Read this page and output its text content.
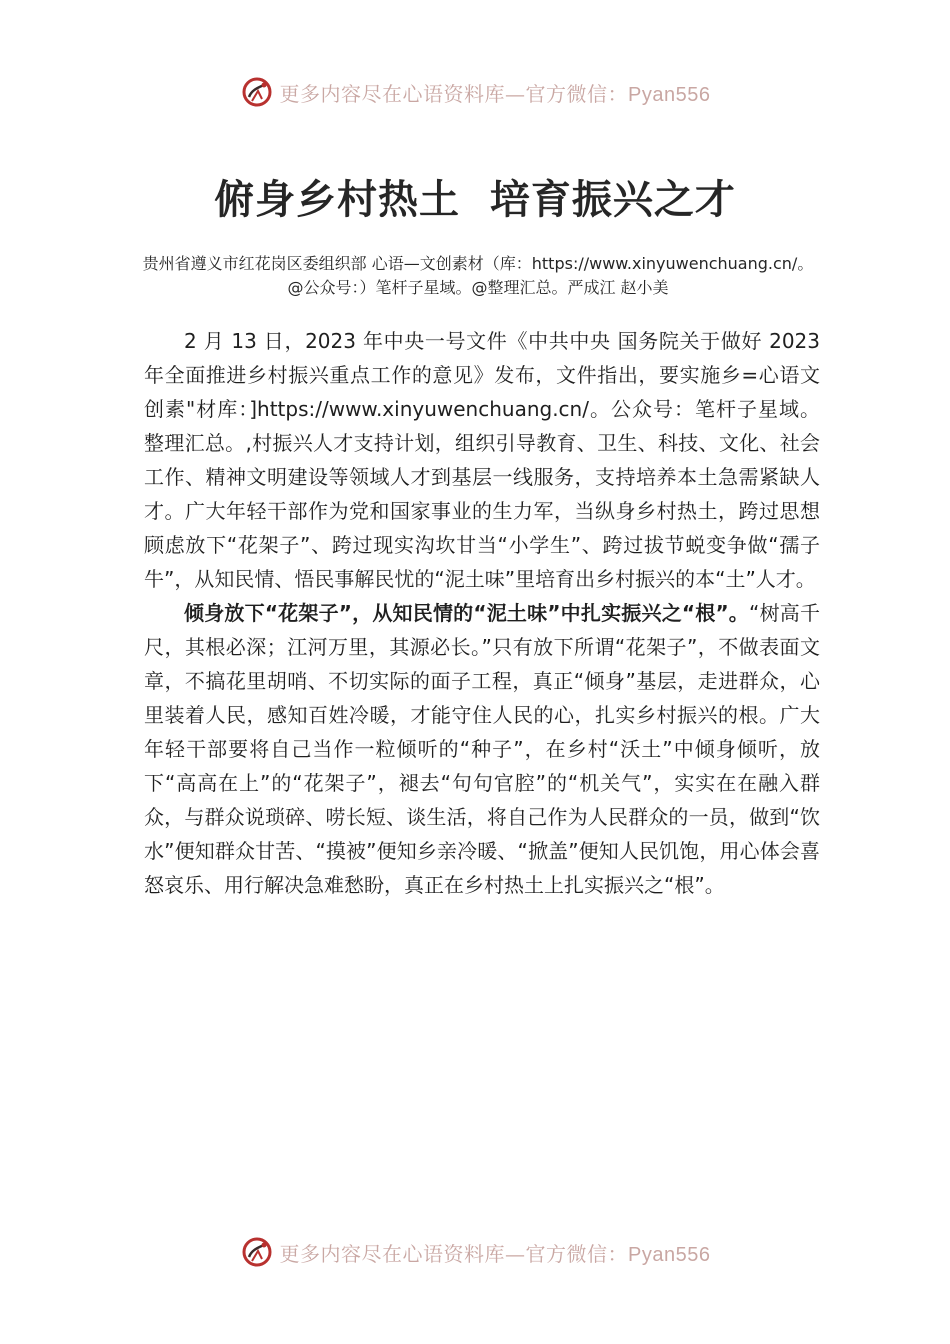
更多内容尽在心语资料库—官方微信：Pyan556
俯身乡村热土  培育振兴之才
贵州省遵义市红花岗区委组织部 心语—文创素材（库：https://www.xinyuwenchuang.cn/。@公众号：）笔杆子星域。@整理汇总。严成江 赵小美

2 月 13 日，2023 年中央一号文件《中共中央 国务院关于做好 2023 年全面推进乡村振兴重点工作的意见》发布，文件指出，要实施乡=心语文创素"材库：]https://www.xinyuwenchuang.cn/。公众号：笔杆子星域。整理汇总。,村振兴人才支持计划，组织引导教育、卫生、科技、文化、社会工作、精神文明建设等领域人才到基层一线服务，支持培养本土急需紧缺人才。广大年轻干部作为党和国家事业的生力军，当纵身乡村热土，跨过思想顾虑放下“花架子”、跨过现实沟坎甘当“小学生”、跨过拔节蜕变争做“孺子牛”，从知民情、悟民事解民忧的“泥土味”里培育出乡村振兴的本“土”人才。

倾身放下“花架子”，从知民情的“泥土味”中扎实振兴之“根”。“树高千尺，其根必深；江河万里，其源必长。”只有放下所谓“花架子”，不做表面文章，不搞花里胡哨、不切实际的面子工程，真正“倾身”基层，走进群众，心里装着人民，感知百姓冷暖，才能守住人民的心，扎实乡村振兴的根。广大年轻干部要将自己当作一粒倾听的“种子”，在乡村“沃土”中倾身倾听，放下“高高在上”的“花架子”，褪去“句句官腔”的“机关气”，实实在在融入群众，与群众说琐碎、唠长短、谈生活，将自己作为人民群众的一员，做到“饮水”便知群众甘苦、“摸被”便知乡亲冷暖、“掀盖”便知人民饥饱，用心体会喜怒哀乐、用行解决急难愁盼，真正在乡村热土上扎实振兴之“根”。

更多内容尽在心语资料库—官方微信：Pyan556
